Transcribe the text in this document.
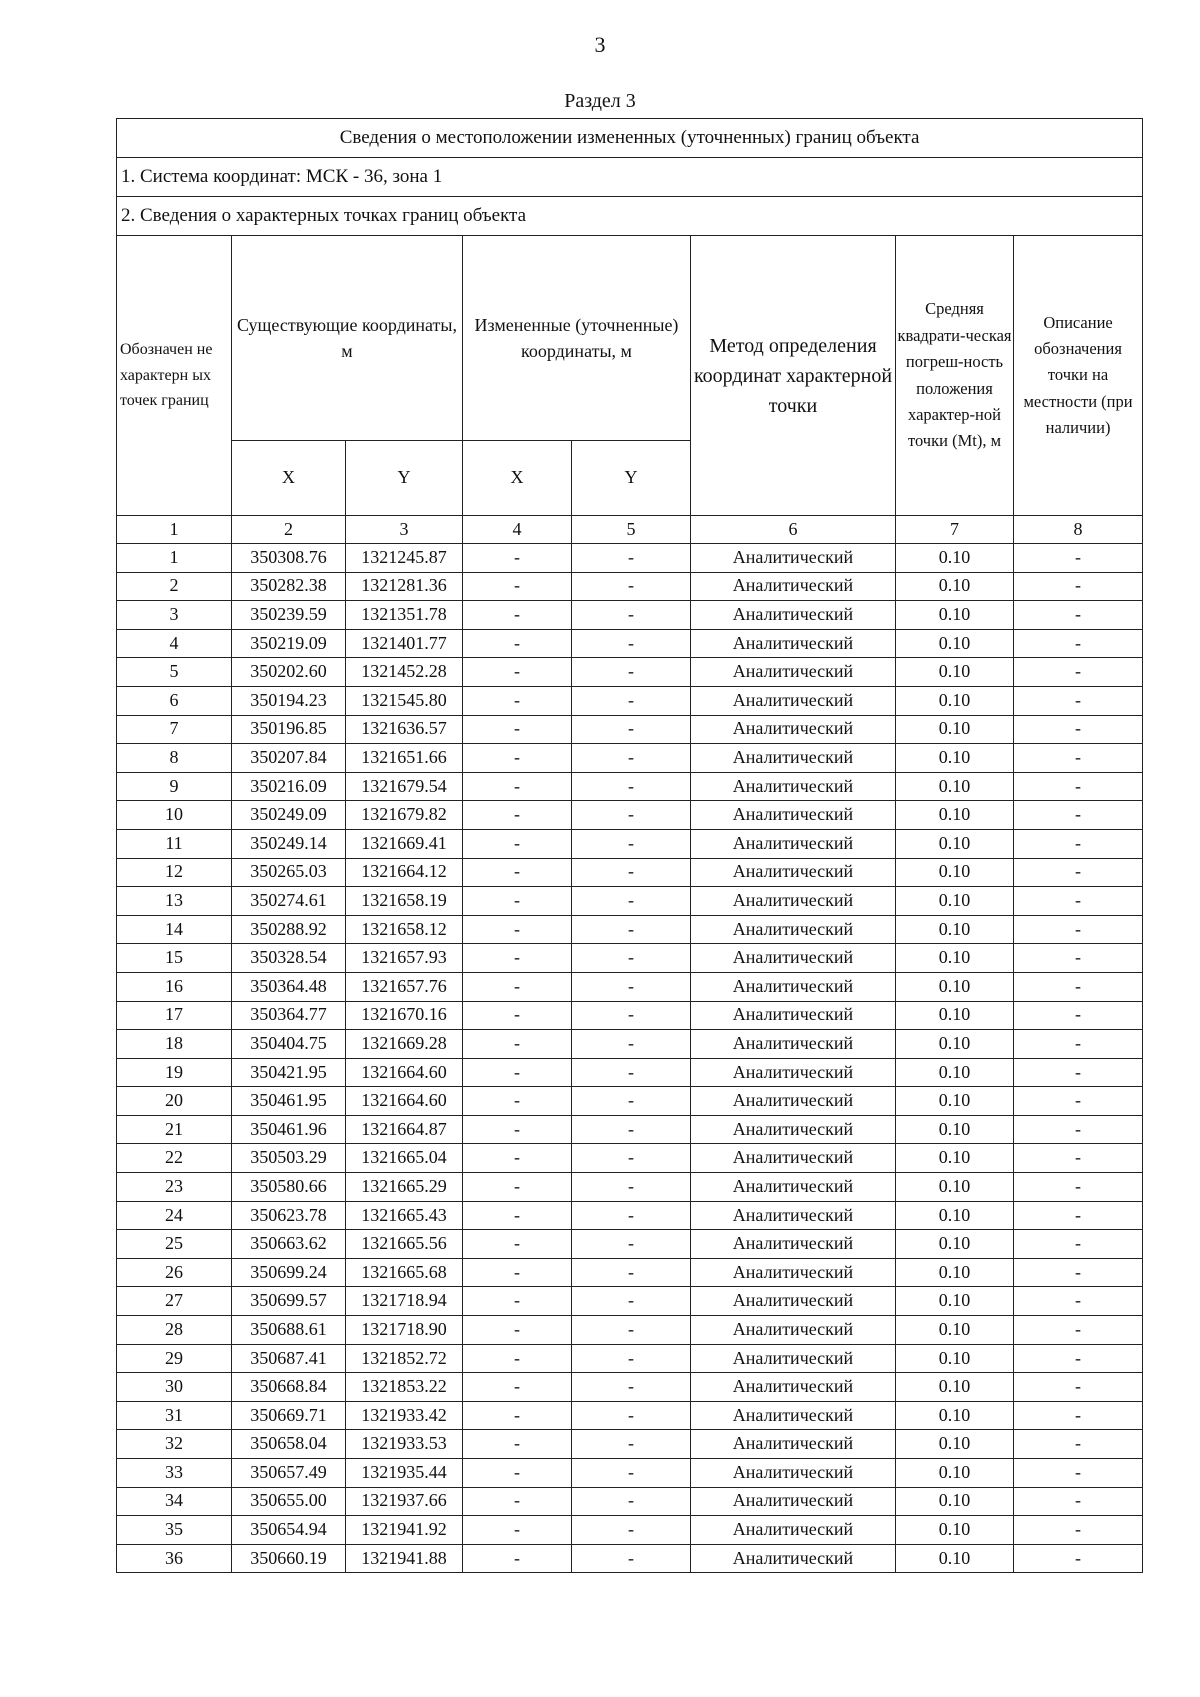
3
Раздел 3
Сведения о местоположении измененных (уточненных) границ объекта							
1. Система координат: МСК - 36, зона 1							
2. Сведения о характерных точках границ объекта							
Обозначен не характерн ых точек границ	Существующие координаты, м		Измененные (уточненные) координаты, м		Метод определения координат характерной точки	Средняя квадрати-ческая погреш-ность положения характер-ной точки (Mt), м	Описание обозначения точки на местности (при наличии)
	X	Y	X	Y			
1	2	3	4	5	6	7	8
1	350308.76	1321245.87	-	-	Аналитический	0.10	-
2	350282.38	1321281.36	-	-	Аналитический	0.10	-
3	350239.59	1321351.78	-	-	Аналитический	0.10	-
4	350219.09	1321401.77	-	-	Аналитический	0.10	-
5	350202.60	1321452.28	-	-	Аналитический	0.10	-
6	350194.23	1321545.80	-	-	Аналитический	0.10	-
7	350196.85	1321636.57	-	-	Аналитический	0.10	-
8	350207.84	1321651.66	-	-	Аналитический	0.10	-
9	350216.09	1321679.54	-	-	Аналитический	0.10	-
10	350249.09	1321679.82	-	-	Аналитический	0.10	-
11	350249.14	1321669.41	-	-	Аналитический	0.10	-
12	350265.03	1321664.12	-	-	Аналитический	0.10	-
13	350274.61	1321658.19	-	-	Аналитический	0.10	-
14	350288.92	1321658.12	-	-	Аналитический	0.10	-
15	350328.54	1321657.93	-	-	Аналитический	0.10	-
16	350364.48	1321657.76	-	-	Аналитический	0.10	-
17	350364.77	1321670.16	-	-	Аналитический	0.10	-
18	350404.75	1321669.28	-	-	Аналитический	0.10	-
19	350421.95	1321664.60	-	-	Аналитический	0.10	-
20	350461.95	1321664.60	-	-	Аналитический	0.10	-
21	350461.96	1321664.87	-	-	Аналитический	0.10	-
22	350503.29	1321665.04	-	-	Аналитический	0.10	-
23	350580.66	1321665.29	-	-	Аналитический	0.10	-
24	350623.78	1321665.43	-	-	Аналитический	0.10	-
25	350663.62	1321665.56	-	-	Аналитический	0.10	-
26	350699.24	1321665.68	-	-	Аналитический	0.10	-
27	350699.57	1321718.94	-	-	Аналитический	0.10	-
28	350688.61	1321718.90	-	-	Аналитический	0.10	-
29	350687.41	1321852.72	-	-	Аналитический	0.10	-
30	350668.84	1321853.22	-	-	Аналитический	0.10	-
31	350669.71	1321933.42	-	-	Аналитический	0.10	-
32	350658.04	1321933.53	-	-	Аналитический	0.10	-
33	350657.49	1321935.44	-	-	Аналитический	0.10	-
34	350655.00	1321937.66	-	-	Аналитический	0.10	-
35	350654.94	1321941.92	-	-	Аналитический	0.10	-
36	350660.19	1321941.88	-	-	Аналитический	0.10	-
